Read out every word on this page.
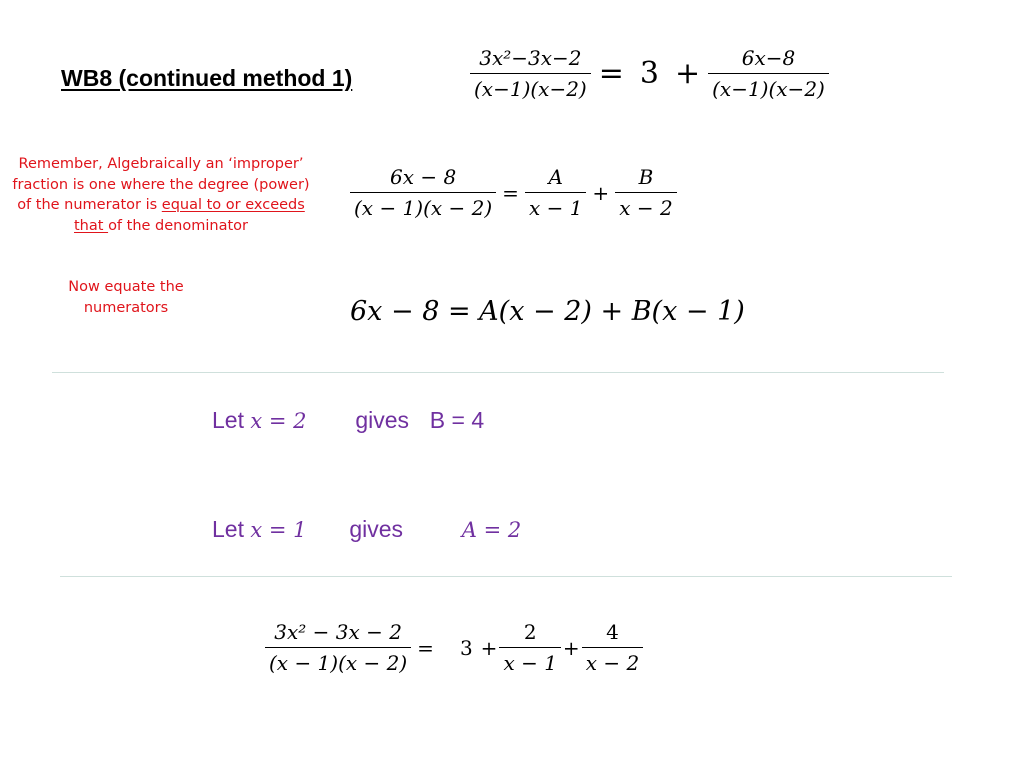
WB8 (continued method 1)	$\frac{\text{3x²−3x−2}}{(x-1)(x-2)} = 3 + \frac{6x-8}{(x-1)(x-2)}$
Remember, Algebraically an ‘improper’ fraction is one where the degree (power) of the numerator is equal to or exceeds that of the denominator
$\frac{6x - 8}{(x - 1)(x - 2)} = \frac{A}{x - 1} + \frac{B}{x - 2}$
Now equate the numerators	6x − 8 = A(x − 2) + B(x − 1)
Let x = 2 gives B = 4
Let x = 1 gives	A = 2
$\frac{\text{3x² − 3x − 2}}{(x - 1)(x - 2)}$ =	$3 + \frac{2}{x - 1} + \frac{4}{x - 2}$
